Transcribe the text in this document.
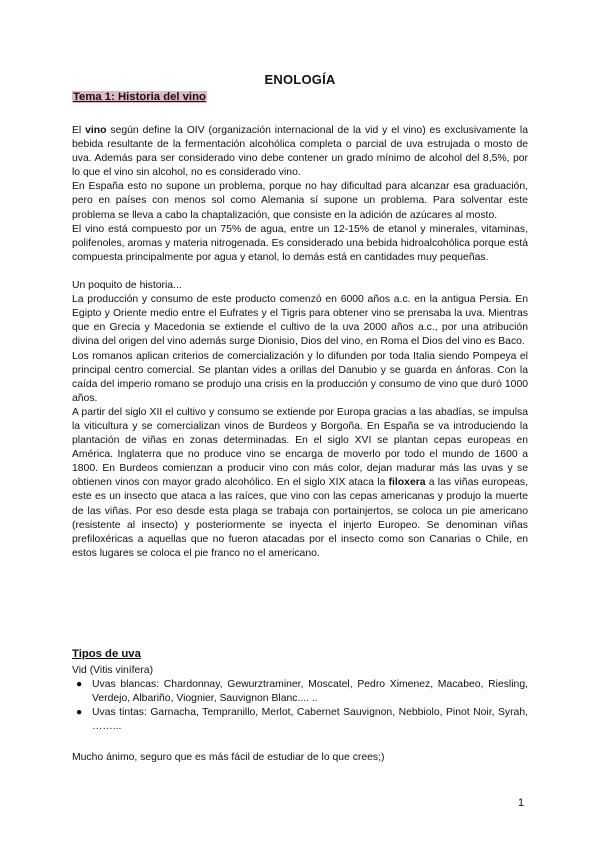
ENOLOGÍA
Tema 1: Historia del vino

El vino según define la OIV (organización internacional de la vid y el vino) es exclusivamente la bebida resultante de la fermentación alcohólica completa o parcial de uva estrujada o mosto de uva. Además para ser considerado vino debe contener un grado mínimo de alcohol del 8,5%, por lo que el vino sin alcohol, no es considerado vino.

En España esto no supone un problema, porque no hay dificultad para alcanzar esa graduación, pero en países con menos sol como Alemania sí supone un problema. Para solventar este problema se lleva a cabo la chaptalización, que consiste en la adición de azúcares al mosto.

El vino está compuesto por un 75% de agua, entre un 12-15% de etanol y minerales, vitaminas, polifenoles, aromas y materia nitrogenada. Es considerado una bebida hidroalcohólica porque está compuesta principalmente por agua y etanol, lo demás está en cantidades muy pequeñas.

Un poquito de historia...

La producción y consumo de este producto comenzó en 6000 años a.c. en la antigua Persia. En Egipto y Oriente medio entre el Eufrates y el Tigris para obtener vino se prensaba la uva. Mientras que en Grecia y Macedonia se extiende el cultivo de la uva 2000 años a.c., por una atribución divina del origen del vino además surge Dionisio, Dios del vino, en Roma el Dios del vino es Baco.

Los romanos aplican criterios de comercialización y lo difunden por toda Italia siendo Pompeya el principal centro comercial. Se plantan vides a orillas del Danubio y se guarda en ánforas. Con la caída del imperio romano se produjo una crisis en la producción y consumo de vino que duró 1000 años.

A partir del siglo XII el cultivo y consumo se extiende por Europa gracias a las abadías, se impulsa la viticultura y se comercializan vinos de Burdeos y Borgoña. En España se va introduciendo la plantación de viñas en zonas determinadas. En el siglo XVI se plantan cepas europeas en América. Inglaterra que no produce vino se encarga de moverlo por todo el mundo de 1600 a 1800. En Burdeos comienzan a producir vino con más color, dejan madurar más las uvas y se obtienen vinos con mayor grado alcohólico. En el siglo XIX ataca la filoxera a las viñas europeas, este es un insecto que ataca a las raíces, que vino con las cepas americanas y produjo la muerte de las viñas. Por eso desde esta plaga se trabaja con portainjertos, se coloca un pie americano (resistente al insecto) y posteriormente se inyecta el injerto Europeo. Se denominan viñas prefiloxéricas a aquellas que no fueron atacadas por el insecto como son Canarias o Chile, en estos lugares se coloca el pie franco no el americano.

Tipos de uva
Vid (Vitis vinífera)
● Uvas blancas: Chardonnay, Gewurztraminer, Moscatel, Pedro Ximenez, Macabeo, Riesling, Verdejo, Albariño, Viognier, Sauvignon Blanc.... ..
● Uvas tintas: Garnacha, Tempranillo, Merlot, Cabernet Sauvignon, Nebbiolo, Pinot Noir, Syrah, ……...
Mucho ánimo, seguro que es más fácil de estudiar de lo que crees;)
1
